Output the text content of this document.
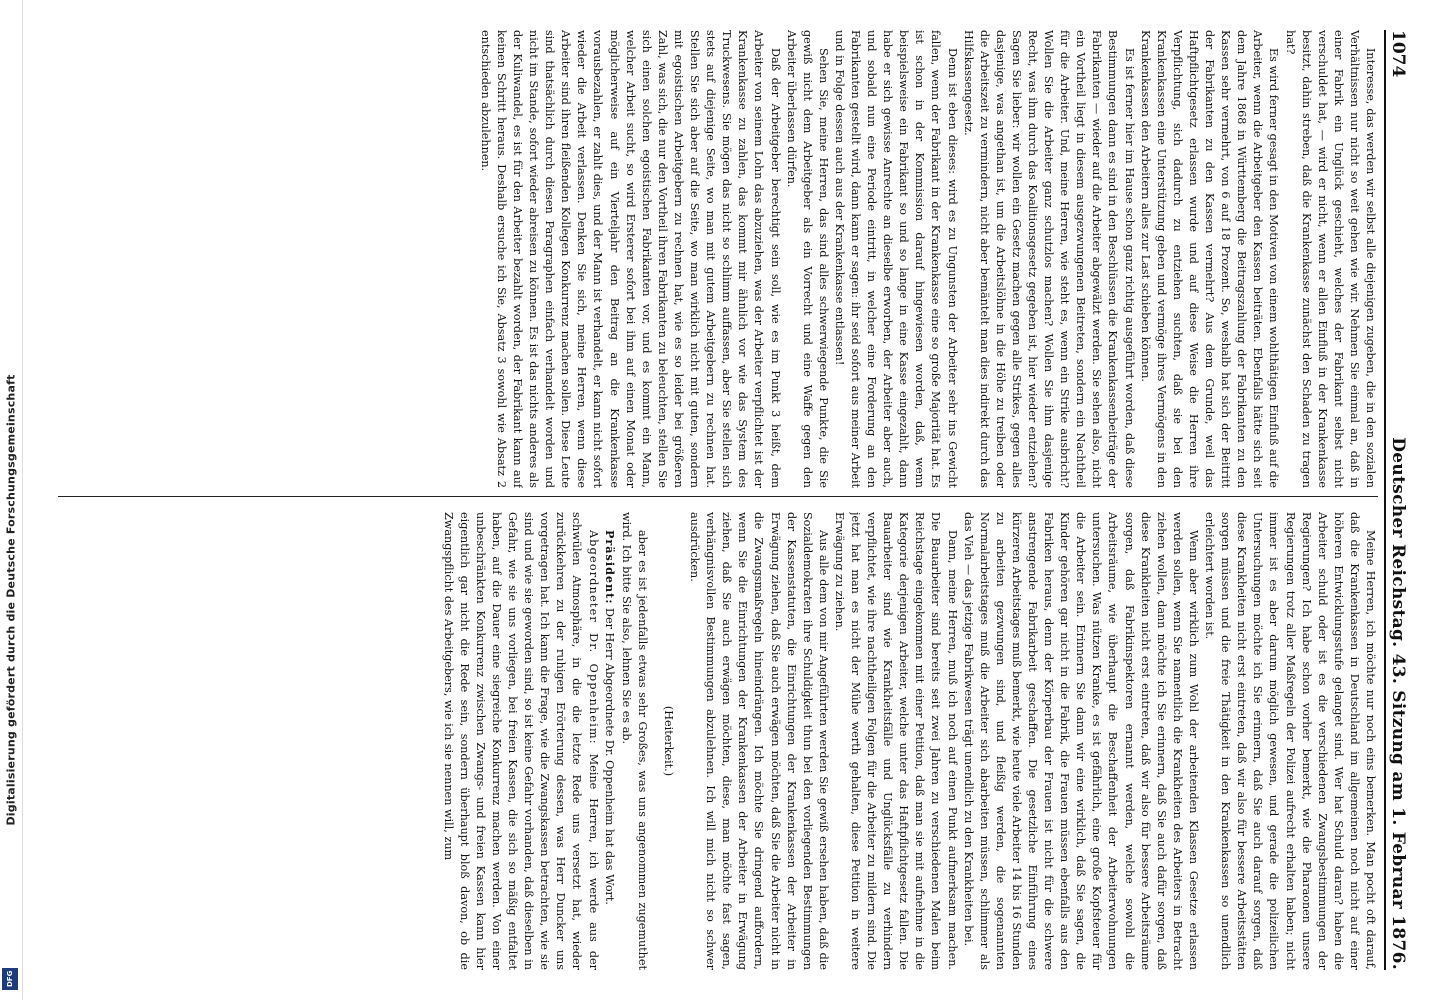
Digitalisierung gefördert durch die Deutsche Forschungsgemeinschaft
DFG
1074
Deutscher Reichstag. 43. Sitzung am 1. Februar 1876.

Interesse, das werden wir selbst alle diejenigen zugeben, die in den sozialen Verhältnissen nur nicht so weit gehen wie wir. Nehmen Sie einmal an, daß in einer Fabrik ein Unglück geschieht, welches der Fabrikant selbst nicht verschuldet hat, — wird er nicht, wenn er allen Einfluß in der Krankenkasse besitzt, dahin streben, daß die Krankenkasse zunächst den Schaden zu tragen hat?

Es wird ferner gesagt in den Motiven von einem wohlthätigen Einfluß auf die Arbeiter, wenn die Arbeitgeber den Kassen beiträten. Ebenfalls hätte sich seit dem Jahre 1868 in Württemberg die Beitragszahlung der Fabrikanten zu den Kassen sehr vermehrt, von 6 auf 18 Prozent. So, weshalb hat sich der Beitritt der Fabrikanten zu den Kassen vermehrt? Aus dem Grunde, weil das Haftpflichtgesetz erlassen wurde und auf diese Weise die Herren ihre Verpflichtung, sich dadurch zu entziehen suchten, daß sie bei den Krankenkassen eine Unterstützung geben und vermöge ihres Vermögens in den Krankenkassen den Arbeitern alles zur Last schieben können.

Es ist ferner hier im Hause schon ganz richtig ausgeführt worden, daß diese Bestimmungen dann es sind in den Beschlüssen die Krankenkassenbeiträge der Fabrikanten — wieder auf die Arbeiter abgewälzt werden. Sie sehen also, nicht ein Vortheil liegt in diesem ausgezwungenen Beitreten, sondern ein Nachtheil für die Arbeiter. Und, meine Herren, wie steht es, wenn ein Strike ausbricht? Wollen Sie die Arbeiter ganz schutzlos machen? Wollen Sie ihm dasjenige Recht, was ihm durch das Koalitionsgesetz gegeben ist, hier wieder entziehen? Sagen Sie lieber: wir wollen ein Gesetz machen gegen alle Strikes, gegen alles dasjenige, was angethan ist, um die Arbeitslöhne in die Höhe zu treiben oder die Arbeitszeit zu vermindern, nicht aber bemäntelt man dies indirekt durch das Hilfskassengesetz.

Denn ist eben dieses: wird es zu Ungunsten der Arbeiter sehr ins Gewicht fallen, wenn der Fabrikant in der Krankenkasse eine so große Majorität hat. Es ist schon in der Kommission darauf hingewiesen worden, daß, wenn beispielsweise ein Fabrikant so und so lange in eine Kasse eingezahlt, dann habe er sich gewisse Anrechte an dieselbe erworben, der Arbeiter aber auch, und sobald nun eine Periode eintritt, in welcher eine Forderung an den Fabrikanten gestellt wird, dann kann er sagen: ihr seid sofort aus meiner Arbeit und in Folge dessen auch aus der Krankenkasse entlassen!

Sehen Sie, meine Herren, das sind alles schwerwiegende Punkte, die Sie gewiß nicht dem Arbeitgeber als ein Vorrecht und eine Waffe gegen den Arbeiter überlassen dürfen.

Daß der Arbeitgeber berechtigt sein soll, wie es im Punkt 3 heißt, dem Arbeiter von seinem Lohn das abzuziehen, was der Arbeiter verpflichtet ist der Krankenkasse zu zahlen, das kommt mir ähnlich vor wie das System des Truckwesens. Sie mögen das nicht so schlimm auffassen, aber Sie stellen sich stets auf diejenige Seite, wo man mit gutem Arbeitgebern zu rechnen hat. Stellen Sie sich aber auf die Seite, wo man wirklich nicht mit guten, sondern mit egoistischen Arbeitgebern zu rechnen hat, wie es so leider bei größeren Zahl, was sich, die nur den Vortheil ihren Fabrikanten zu beleuchten, stellen Sie sich einen solchen egoistischen Fabrikanten vor, und es kommt ein Mann, welcher Arbeit sucht, so wird Ersterer sofort bei ihm auf einen Monat oder möglicherweise auf ein Vierteljahr den Beitrag an die Krankenkasse vorausbezahlen, er zahlt dies, und der Mann ist verhandelt, er kann nicht sofort wieder die Arbeit verlassen. Denken Sie sich, meine Herren, wenn diese Arbeiter sind ihren fleißenden Kollegen Konkurrenz machen sollen. Diese Leute sind thatsächlich durch diesen Paragraphen einfach verhandelt worden und nicht im Stande, sofort wieder abreisen zu können. Es ist das nichts anderes als der Kuliwandel, es ist für den Arbeiter bezahlt worden, der Fabrikant kann auf keinen Schritt heraus. Deshalb ersuche ich Sie, Absatz 3 sowohl wie Absatz 2 entschieden abzulehnen.

Meine Herren, ich möchte nur noch eins bemerken. Man pocht oft darauf, daß die Krankenkassen in Deutschland im allgemeinen noch nicht auf einer höheren Entwicklungsstufe gelanget sind. Wer hat Schuld daran? haben die Arbeiter schuld oder ist es die verschiedenen Zwangsbestimmungen der Regierungen? Ich habe schon vorher bemerkt, wie die Pharaonen unsere Regierungen trotz aller Maßregeln der Polizei aufrecht erhalten haben; nicht immer ist es aber darum möglich gewesen, und gerade die polizeilichen Untersuchungen möchte ich Sie erinnern, daß Sie auch darauf sorgen, daß diese Krankheiten nicht erst eintreten, daß wir also für bessere Arbeitsstätten sorgen müssen und die freie Thätigkeit in den Krankenkassen so unendlich erleichtert worden ist.

Wenn aber wirklich zum Wohl der arbeitenden Klassen Gesetze erlassen werden sollen, wenn Sie namentlich die Krankheiten des Arbeiters in Betracht ziehen wollen, dann möchte ich Sie erinnern, daß Sie auch dafür sorgen, daß diese Krankheiten nicht erst eintreten, daß wir also für bessere Arbeitsräume sorgen, daß Fabrikinspektoren ernannt werden, welche sowohl die Arbeitsräume, wie überhaupt die Beschaffenheit der Arbeiterwohnungen untersuchen. Was nützen Kranke, es ist gefährlich, eine große Kopfsteuer für die Arbeiter sein. Erinnern Sie dann wir eine wirklich, daß Sie sagen, die Kinder gehören gar nicht in die Fabrik, die Frauen müssen ebenfalls aus den Fabriken heraus, denn der Körperbau der Frauen ist nicht für die schwere anstrengende Fabrikarbeit geschaffen. Die gesetzliche Einführung eines kürzeren Arbeitstages muß bemerkt, wie heute viele Arbeiter 14 bis 16 Stunden zu arbeiten gezwungen sind, und fleißig werden, die sogenannten Normalarbeitstages muß die Arbeiter sich abarbeiten müssen, schlimmer als das Vieh — das jetzige Fabrikwesen trägt unendlich zu den Krankheiten bei.

Dann, meine Herren, muß ich noch auf einen Punkt aufmerksam machen. Die Bauarbeiter sind bereits seit zwei Jahren zu verschiedenen Malen beim Reichstage eingekommen mit einer Petition, daß man sie mit aufnehme in die Kategorie derjenigen Arbeiter, welche unter das Haftpflichtgesetz fallen. Die Bauarbeiter sind wie Krankheitsfälle und Unglücksfälle zu verhindern verpflichtet, wie ihre nachtheiligen Folgen für die Arbeiter zu mildern sind. Die jetzt hat man es nicht der Mühe werth gehalten, diese Petition in weitere Erwägung zu ziehen.

Aus alle dem von mir Angeführten werden Sie gewiß ersehen haben, daß die Sozialdemokraten ihre Schuldigkeit thun bei den vorliegenden Bestimmungen der Kassenstatuten, die Einrichtungen der Krankenkassen der Arbeiter in Erwägung ziehen, daß Sie auch erwägen möchten, daß Sie die Arbeiter nicht in die Zwangsmaßregeln hineindrängen. Ich möchte Sie dringend auffordern, wenn Sie die Einrichtungen der Krankenkassen der Arbeiter in Erwägung ziehen, daß Sie auch erwägen möchten, diese, man möchte fast sagen, verhängnisvollen Bestimmungen abzulehnen. Ich will mich nicht so schwer ausdrücken.

(Heiterkeit.)

aber es ist jedenfalls etwas sehr Großes, was uns angenommen zugemuthet wird. Ich bitte Sie also, lehnen Sie es ab.

Präsident: Der Herr Abgeordnete Dr. Oppenheim hat das Wort.

Abgeordneter Dr. Oppenheim: Meine Herren, ich werde aus der schwülen Atmosphäre, in die die letzte Rede uns versetzt hat, wieder zurückkehren zu der ruhigen Erörterung dessen, was Herr Duncker uns vorgetragen hat. Ich kann die Frage, wie die Zwangskassen betrachten, wie sie sind und wie sie geworden sind, so ist keine Gefahr vorhanden, daß dieselben in Gefahr, wie sie uns vorliegen, bei freien Kassen, die sich so mäßig entfaltet haben, auf die Dauer eine siegreiche Konkurrenz machen werden. Von einer unbeschränkten Konkurrenz zwischen Zwangs- und freien Kassen kann hier eigentlich gar nicht die Rede sein, sondern überhaupt bloß davon, ob die Zwangspflicht des Arbeitgebers, wie ich sie nennen will, zum
